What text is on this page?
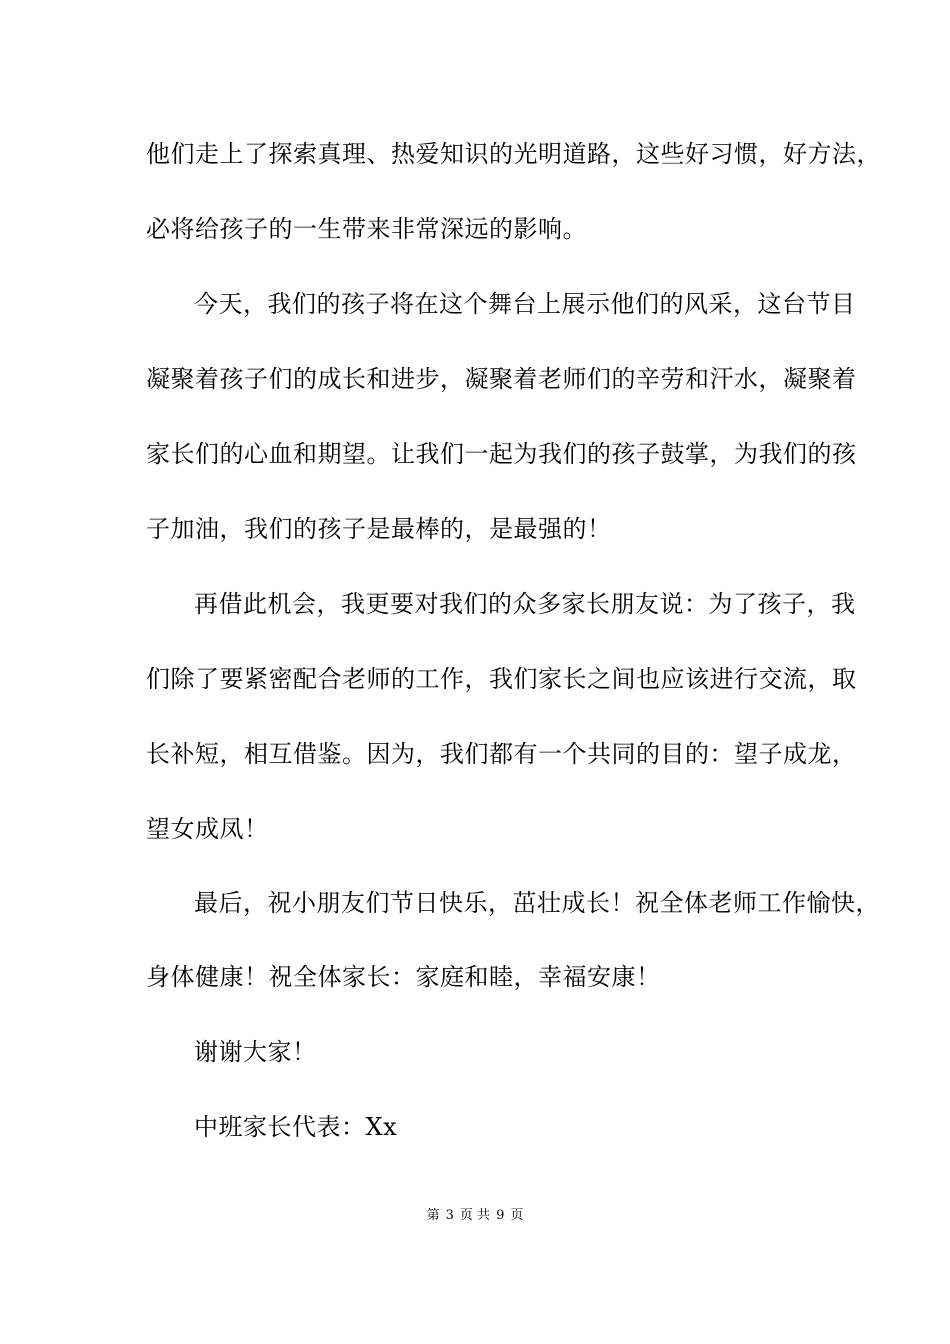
他们走上了探索真理、热爱知识的光明道路，这些好习惯，好方法，
必将给孩子的一生带来非常深远的影响。
今天，我们的孩子将在这个舞台上展示他们的风采，这台节目
凝聚着孩子们的成长和进步，凝聚着老师们的辛劳和汗水，凝聚着
家长们的心血和期望。让我们一起为我们的孩子鼓掌，为我们的孩
子加油，我们的孩子是最棒的，是最强的！
再借此机会，我更要对我们的众多家长朋友说：为了孩子，我
们除了要紧密配合老师的工作，我们家长之间也应该进行交流，取
长补短，相互借鉴。因为，我们都有一个共同的目的：望子成龙，
望女成凤！
最后，祝小朋友们节日快乐，茁壮成长！祝全体老师工作愉快，
身体健康！祝全体家长：家庭和睦，幸福安康！
谢谢大家！
中班家长代表：Xx
第 3 页 共 9 页
